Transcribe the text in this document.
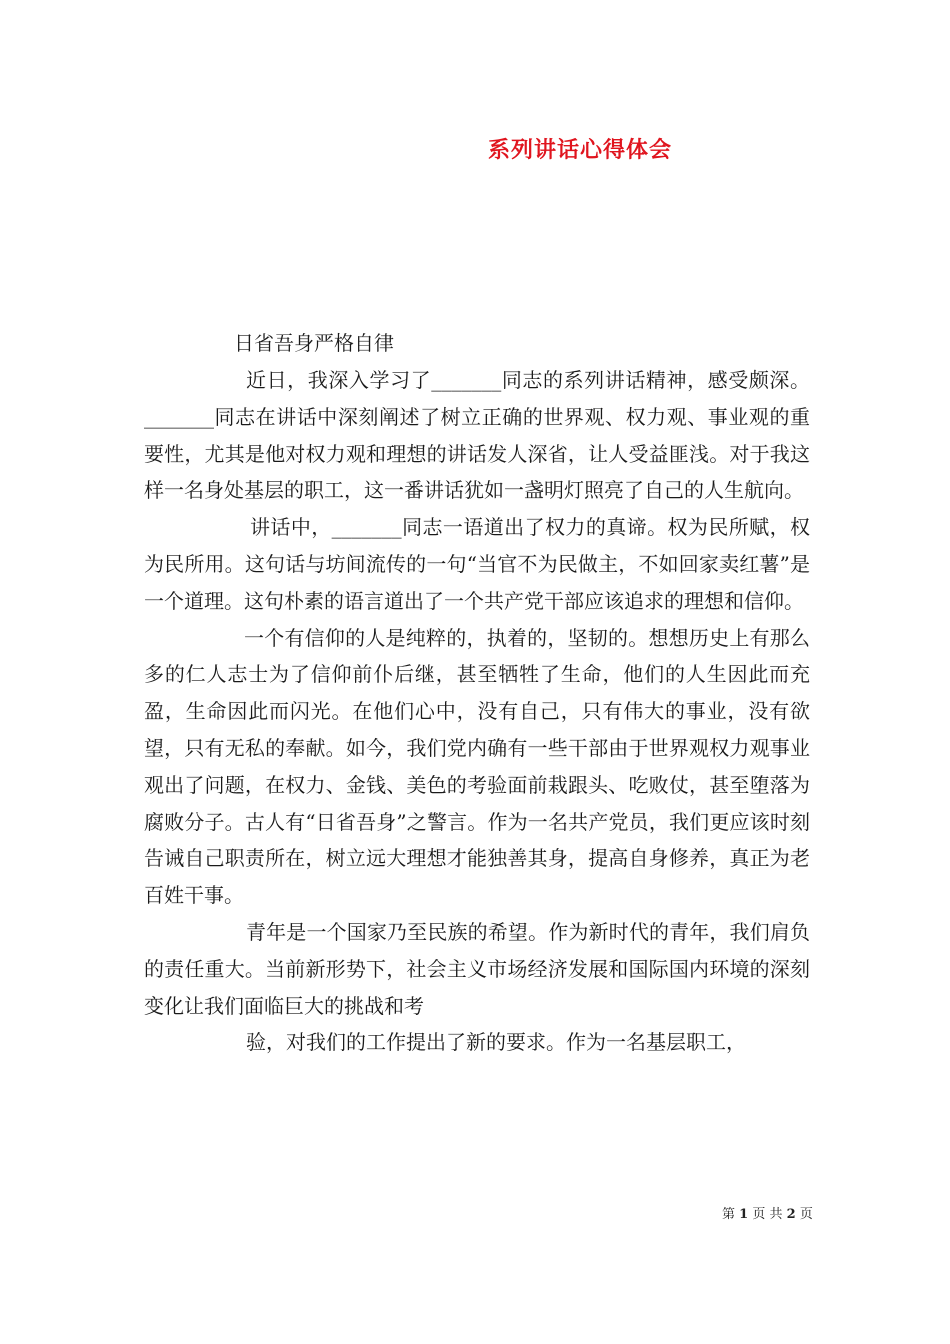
系列讲话心得体会
日省吾身严格自律

近日，我深入学习了_______同志的系列讲话精神，感受颇深。_______同志在讲话中深刻阐述了树立正确的世界观、权力观、事业观的重要性，尤其是他对权力观和理想的讲话发人深省，让人受益匪浅。对于我这样一名身处基层的职工，这一番讲话犹如一盏明灯照亮了自己的人生航向。

讲话中，_______同志一语道出了权力的真谛。权为民所赋，权为民所用。这句话与坊间流传的一句“当官不为民做主，不如回家卖红薯”是一个道理。这句朴素的语言道出了一个共产党干部应该追求的理想和信仰。

一个有信仰的人是纯粹的，执着的，坚韧的。想想历史上有那么多的仁人志士为了信仰前仆后继，甚至牺牲了生命，他们的人生因此而充盈，生命因此而闪光。在他们心中，没有自己，只有伟大的事业，没有欲望，只有无私的奉献。如今，我们党内确有一些干部由于世界观权力观事业观出了问题，在权力、金钱、美色的考验面前栽跟头、吃败仗，甚至堕落为腐败分子。古人有“日省吾身”之警言。作为一名共产党员，我们更应该时刻告诫自己职责所在，树立远大理想才能独善其身，提高自身修养，真正为老百姓干事。

青年是一个国家乃至民族的希望。作为新时代的青年，我们肩负的责任重大。当前新形势下，社会主义市场经济发展和国际国内环境的深刻变化让我们面临巨大的挑战和考

验，对我们的工作提出了新的要求。作为一名基层职工，

第 1 页 共 2 页
